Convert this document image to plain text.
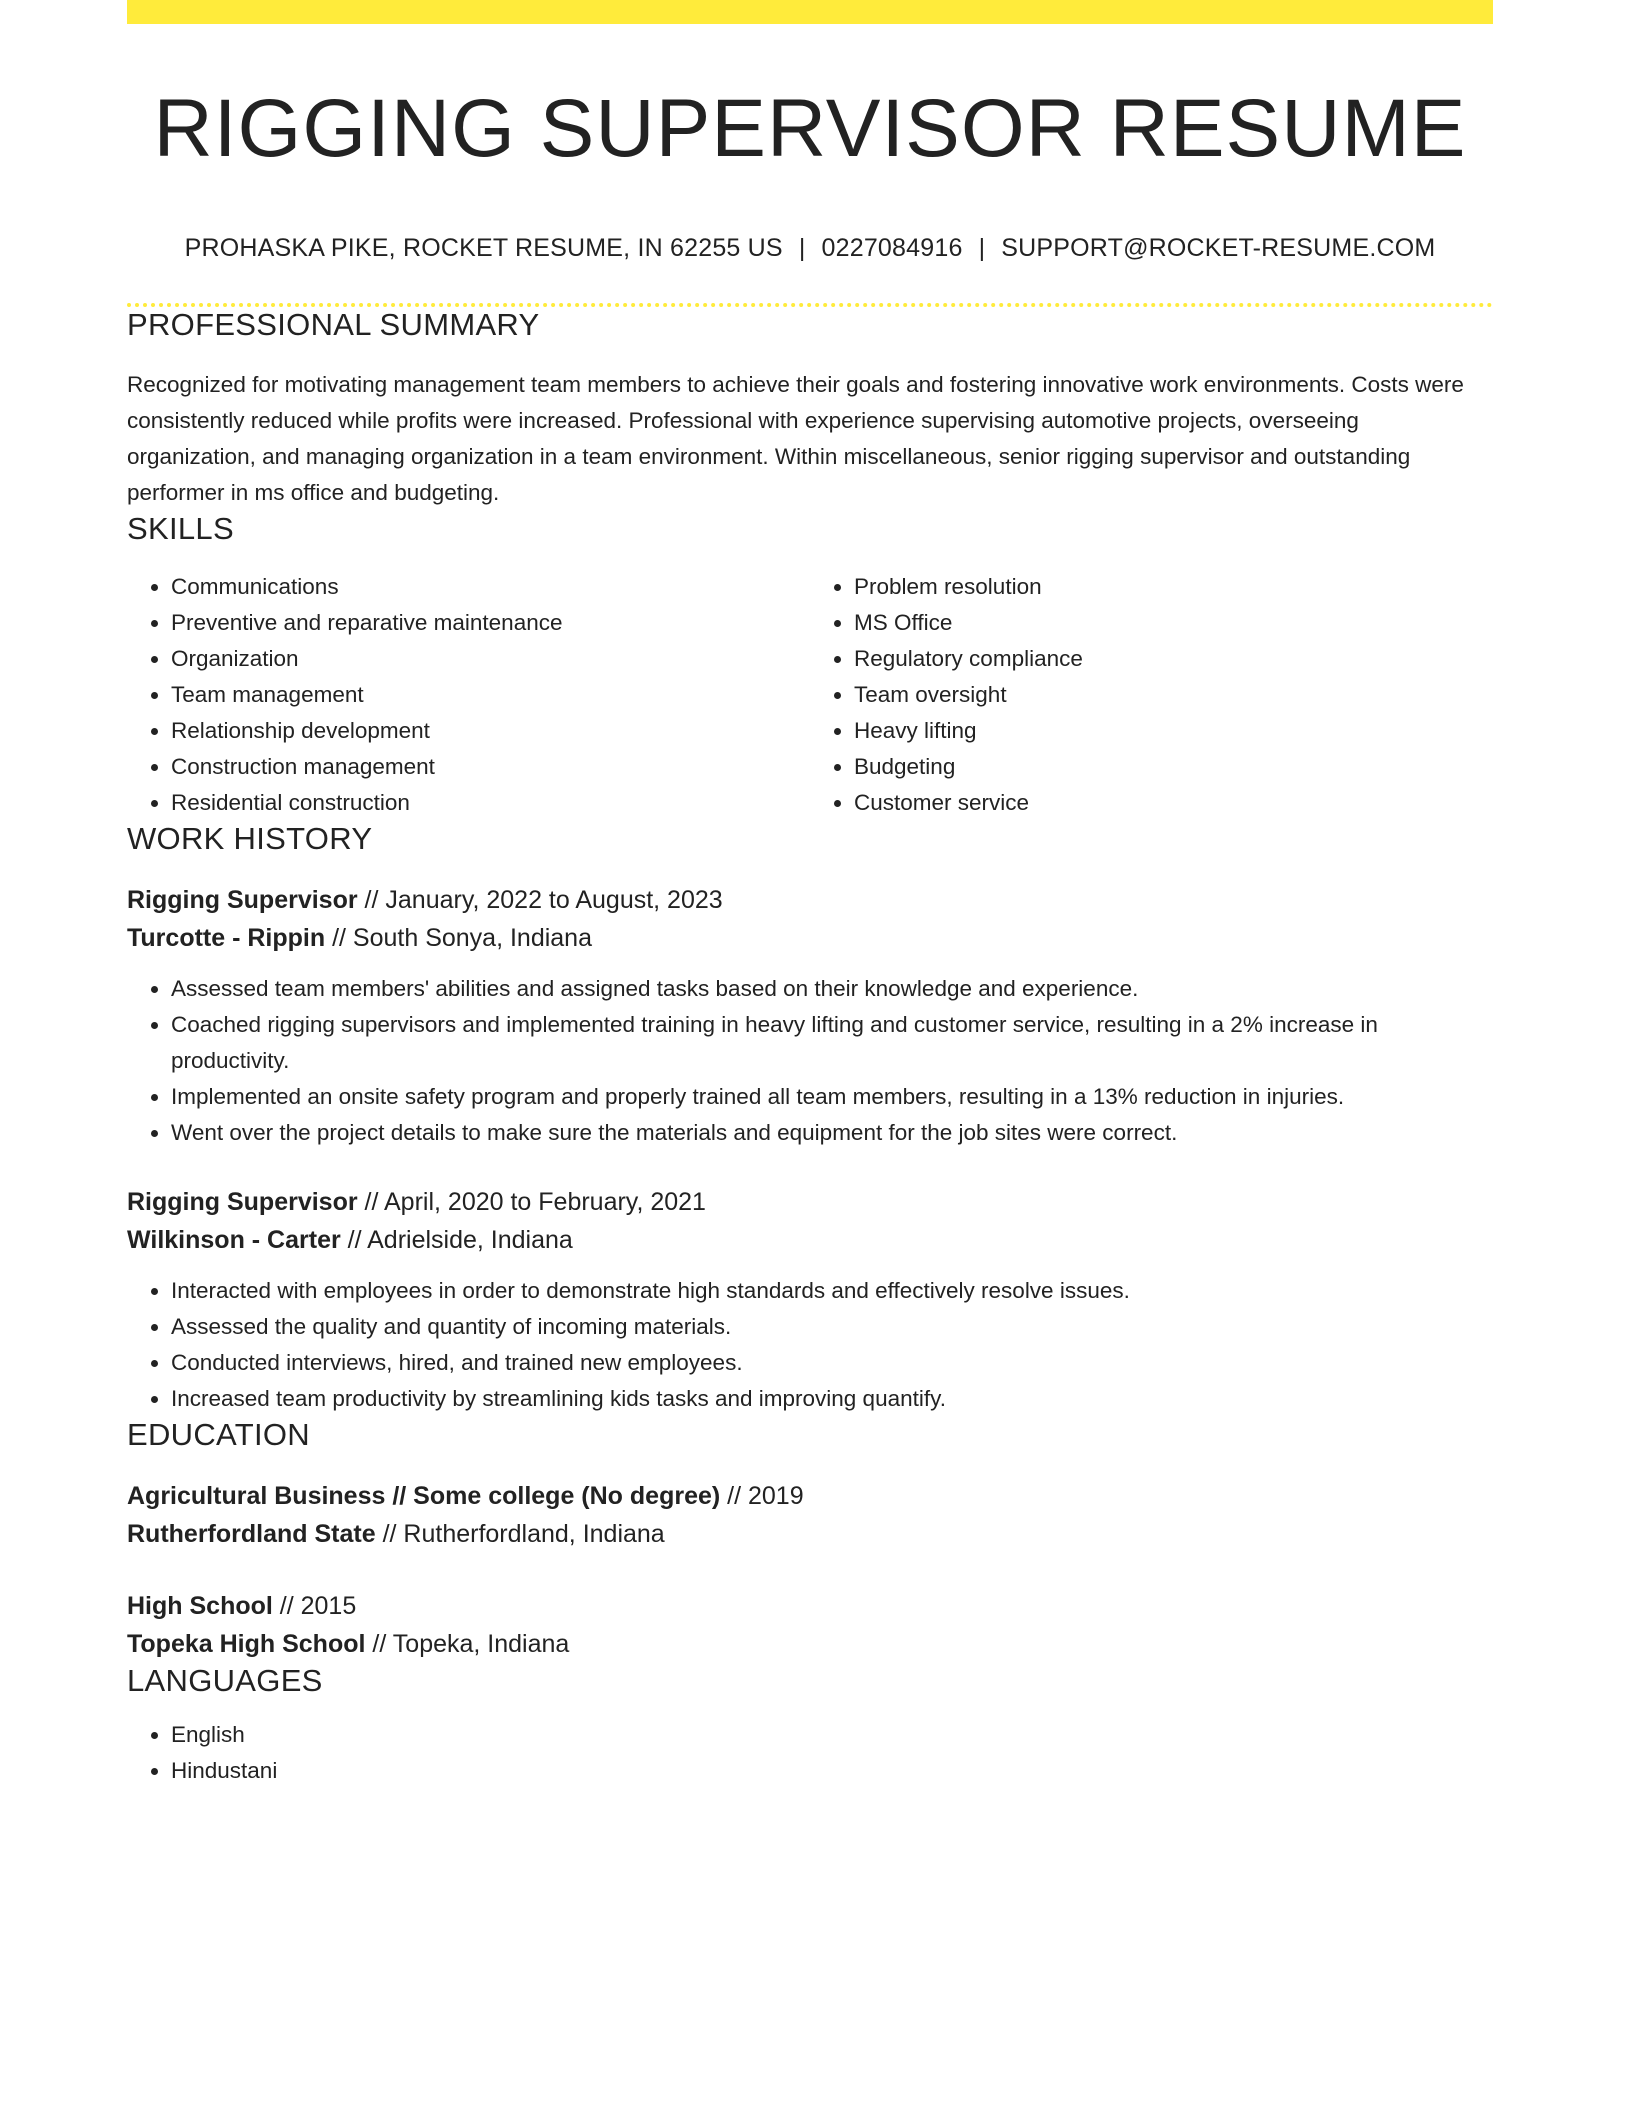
RIGGING SUPERVISOR RESUME
PROHASKA PIKE, ROCKET RESUME, IN 62255 US | 0227084916 | SUPPORT@ROCKET-RESUME.COM
PROFESSIONAL SUMMARY

Recognized for motivating management team members to achieve their goals and fostering innovative work environments. Costs were consistently reduced while profits were increased. Professional with experience supervising automotive projects, overseeing organization, and managing organization in a team environment. Within miscellaneous, senior rigging supervisor and outstanding performer in ms office and budgeting.

SKILLS
• Communications
• Preventive and reparative maintenance
• Organization
• Team management
• Relationship development
• Construction management
• Residential construction
• Problem resolution
• MS Office
• Regulatory compliance
• Team oversight
• Heavy lifting
• Budgeting
• Customer service
WORK HISTORY
Rigging Supervisor // January, 2022 to August, 2023
Turcotte - Rippin // South Sonya, Indiana
• Assessed team members' abilities and assigned tasks based on their knowledge and experience.
• Coached rigging supervisors and implemented training in heavy lifting and customer service, resulting in a 2% increase in productivity.
• Implemented an onsite safety program and properly trained all team members, resulting in a 13% reduction in injuries.
• Went over the project details to make sure the materials and equipment for the job sites were correct.
Rigging Supervisor // April, 2020 to February, 2021
Wilkinson - Carter // Adrielside, Indiana
• Interacted with employees in order to demonstrate high standards and effectively resolve issues.
• Assessed the quality and quantity of incoming materials.
• Conducted interviews, hired, and trained new employees.
• Increased team productivity by streamlining kids tasks and improving quantify.
EDUCATION
Agricultural Business // Some college (No degree) // 2019
Rutherfordland State // Rutherfordland, Indiana
High School // 2015
Topeka High School // Topeka, Indiana
LANGUAGES
• English
• Hindustani
